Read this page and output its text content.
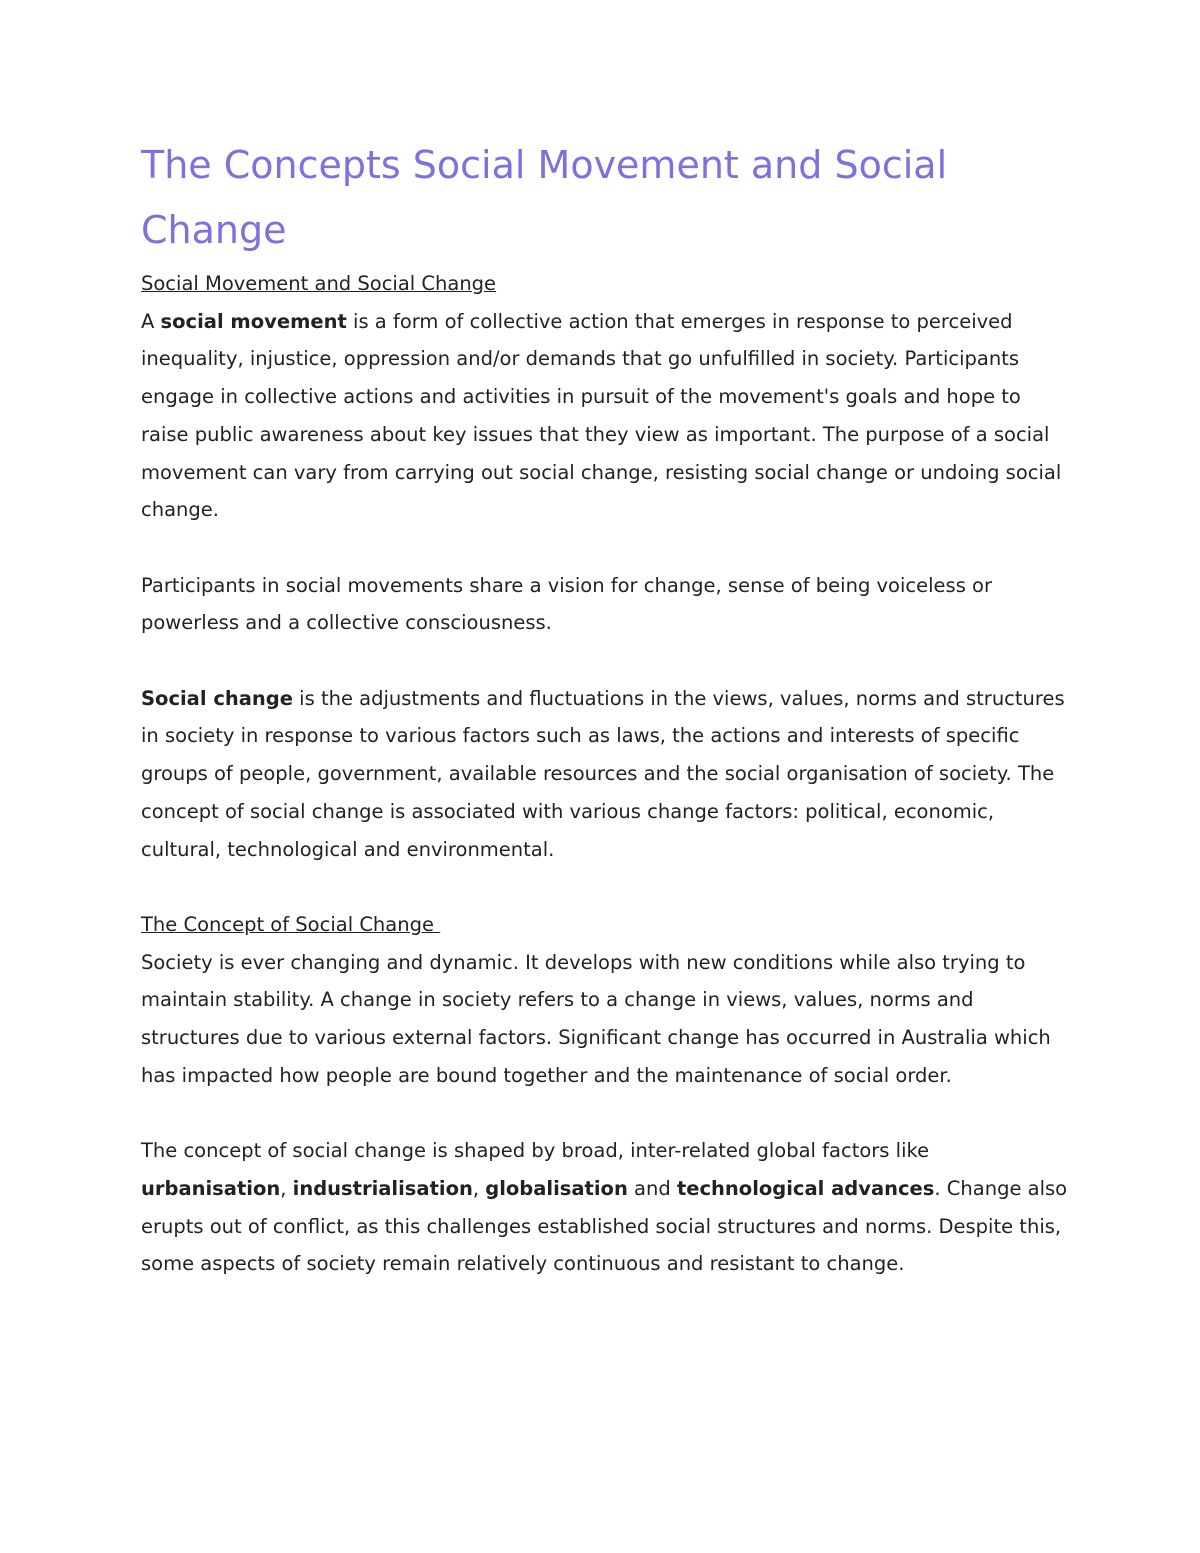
The Concepts Social Movement and Social Change
Social Movement and Social Change

A social movement is a form of collective action that emerges in response to perceived inequality, injustice, oppression and/or demands that go unfulfilled in society. Participants engage in collective actions and activities in pursuit of the movement's goals and hope to raise public awareness about key issues that they view as important. The purpose of a social movement can vary from carrying out social change, resisting social change or undoing social change.

Participants in social movements share a vision for change, sense of being voiceless or powerless and a collective consciousness.

Social change is the adjustments and fluctuations in the views, values, norms and structures in society in response to various factors such as laws, the actions and interests of specific groups of people, government, available resources and the social organisation of society. The concept of social change is associated with various change factors: political, economic, cultural, technological and environmental.

The Concept of Social Change

Society is ever changing and dynamic. It develops with new conditions while also trying to maintain stability. A change in society refers to a change in views, values, norms and structures due to various external factors. Significant change has occurred in Australia which has impacted how people are bound together and the maintenance of social order.

The concept of social change is shaped by broad, inter-related global factors like urbanisation, industrialisation, globalisation and technological advances. Change also erupts out of conflict, as this challenges established social structures and norms. Despite this, some aspects of society remain relatively continuous and resistant to change.
